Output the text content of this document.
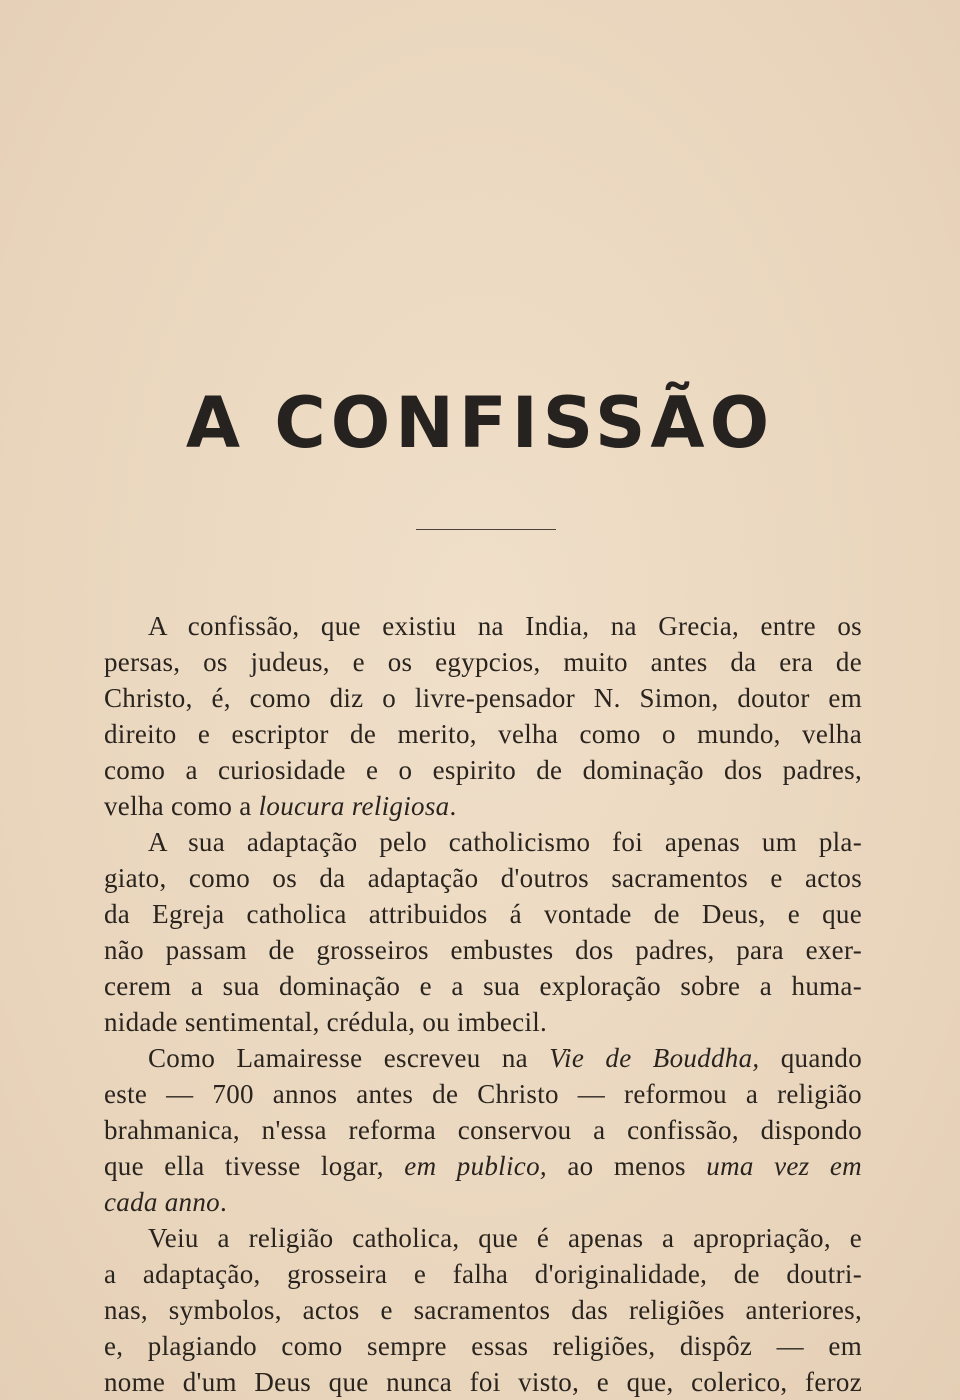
A CONFISSÃO
A confissão, que existiu na India, na Grecia, entre os
persas, os judeus, e os egypcios, muito antes da era de
Christo, é, como diz o livre-pensador N. Simon, doutor em
direito e escriptor de merito, velha como o mundo, velha
como a curiosidade e o espirito de dominação dos padres,
velha como a loucura religiosa.
A sua adaptação pelo catholicismo foi apenas um pla-
giato, como os da adaptação d'outros sacramentos e actos
da Egreja catholica attribuidos á vontade de Deus, e que
não passam de grosseiros embustes dos padres, para exer-
cerem a sua dominação e a sua exploração sobre a huma-
nidade sentimental, crédula, ou imbecil.
Como Lamairesse escreveu na Vie de Bouddha, quando
este — 700 annos antes de Christo — reformou a religião
brahmanica, n'essa reforma conservou a confissão, dispondo
que ella tivesse logar, em publico, ao menos uma vez em
cada anno.
Veiu a religião catholica, que é apenas a apropriação, e
a adaptação, grosseira e falha d'originalidade, de doutri-
nas, symbolos, actos e sacramentos das religiões anteriores,
e, plagiando como sempre essas religiões, dispôz — em
nome d'um Deus que nunca foi visto, e que, colerico, feroz
